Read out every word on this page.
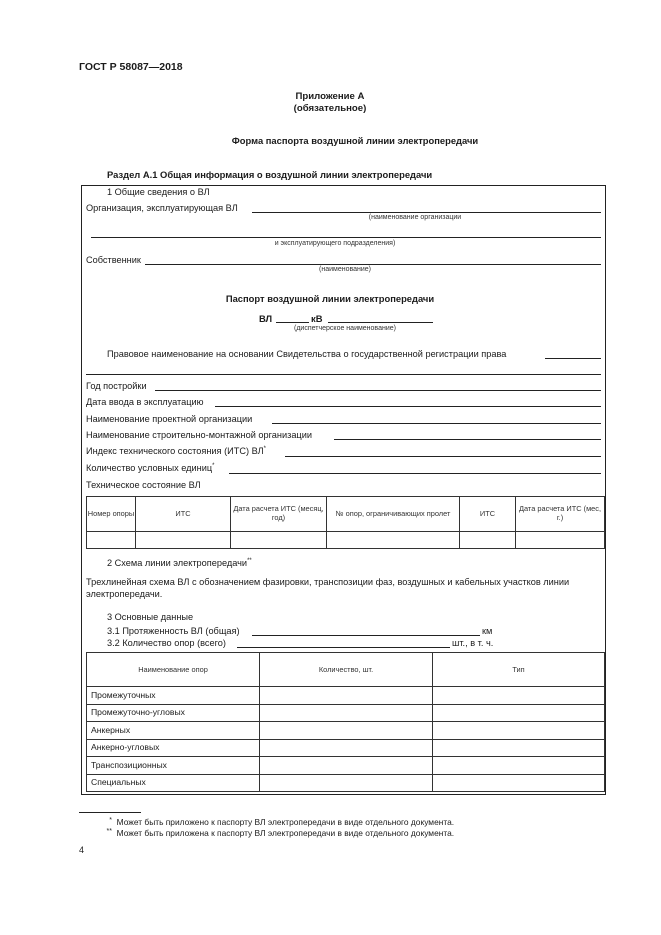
ГОСТ Р 58087—2018
Приложение А
(обязательное)
Форма паспорта воздушной линии электропередачи
Раздел А.1 Общая информация о воздушной линии электропередачи
1 Общие сведения о ВЛ
Организация, эксплуатирующая ВЛ
(наименование организации
и эксплуатирующего подразделения)
Собственник
(наименование)
Паспорт воздушной линии электропередачи
ВЛ	кВ
(диспетчерское наименование)
Правовое наименование на основании Свидетельства о государственной регистрации права
Год постройки
Дата ввода в эксплуатацию
Наименование проектной организации
Наименование строительно-монтажной организации
Индекс технического состояния (ИТС) ВЛ*
Количество условных единиц*
Техническое состояние ВЛ
Номер опоры	ИТС	Дата расчета ИТС (месяц, год)	№ опор, ограничивающих пролет	ИТС	Дата расчета ИТС (мес, г.)

2 Схема линии электропередачи**
Трехлинейная схема ВЛ с обозначением фазировки, транспозиции фаз, воздушных и кабельных участков линии электропередачи.
3 Основные данные
3.1 Протяженность ВЛ (общая)	км
3.2 Количество опор (всего)	шт., в т. ч.
Наименование опор	Количество, шт.	Тип
Промежуточных		
Промежуточно-угловых		
Анкерных		
Анкерно-угловых		
Транспозиционных		
Специальных		
* Может быть приложено к паспорту ВЛ электропередачи в виде отдельного документа.
** Может быть приложена к паспорту ВЛ электропередачи в виде отдельного документа.
4
